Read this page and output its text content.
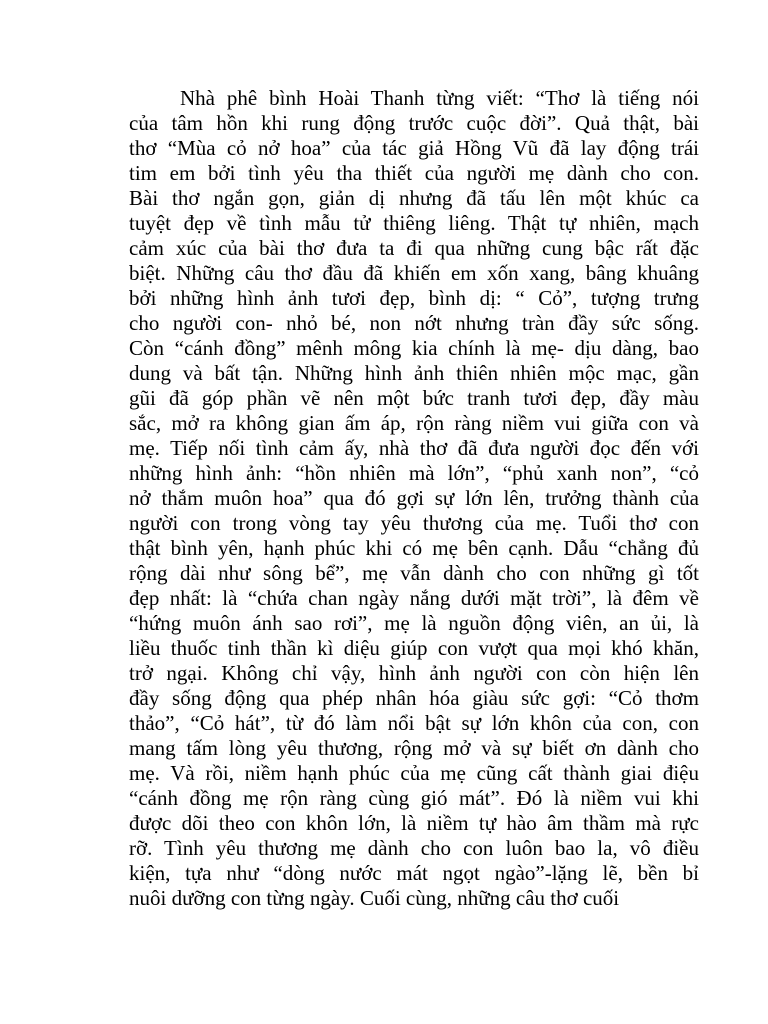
Nhà phê bình Hoài Thanh từng viết: “Thơ là tiếng nói
của tâm hồn khi rung động trước cuộc đời”. Quả thật, bài
thơ “Mùa cỏ nở hoa” của tác giả Hồng Vũ đã lay động trái
tim em bởi tình yêu tha thiết của người mẹ dành cho con.
Bài thơ ngắn gọn, giản dị nhưng đã tấu lên một khúc ca
tuyệt đẹp về tình mẫu tử thiêng liêng. Thật tự nhiên, mạch
cảm xúc của bài thơ đưa ta đi qua những cung bậc rất đặc
biệt. Những câu thơ đầu đã khiến em xốn xang, bâng khuâng
bởi những hình ảnh tươi đẹp, bình dị: “ Cỏ”, tượng trưng
cho người con- nhỏ bé, non nớt nhưng tràn đầy sức sống.
Còn “cánh đồng” mênh mông kia chính là mẹ- dịu dàng, bao
dung và bất tận. Những hình ảnh thiên nhiên mộc mạc, gần
gũi đã góp phần vẽ nên một bức tranh tươi đẹp, đầy màu
sắc, mở ra không gian ấm áp, rộn ràng niềm vui giữa con và
mẹ. Tiếp nối tình cảm ấy, nhà thơ đã đưa người đọc đến với
những hình ảnh: “hồn nhiên mà lớn”, “phủ xanh non”, “cỏ
nở thắm muôn hoa” qua đó gợi sự lớn lên, trưởng thành của
người con trong vòng tay yêu thương của mẹ. Tuổi thơ con
thật bình yên, hạnh phúc khi có mẹ bên cạnh. Dẫu “chẳng đủ
rộng dài như sông bể”, mẹ vẫn dành cho con những gì tốt
đẹp nhất: là “chứa chan ngày nắng dưới mặt trời”, là đêm về
“hứng muôn ánh sao rơi”, mẹ là nguồn động viên, an ủi, là
liều thuốc tinh thần kì diệu giúp con vượt qua mọi khó khăn,
trở ngại. Không chỉ vậy, hình ảnh người con còn hiện lên
đầy sống động qua phép nhân hóa giàu sức gợi: “Cỏ thơm
thảo”, “Cỏ hát”, từ đó làm nổi bật sự lớn khôn của con, con
mang tấm lòng yêu thương, rộng mở và sự biết ơn dành cho
mẹ. Và rồi, niềm hạnh phúc của mẹ cũng cất thành giai điệu
“cánh đồng mẹ rộn ràng cùng gió mát”. Đó là niềm vui khi
được dõi theo con khôn lớn, là niềm tự hào âm thầm mà rực
rỡ. Tình yêu thương mẹ dành cho con luôn bao la, vô điều
kiện, tựa như “dòng nước mát ngọt ngào”-lặng lẽ, bền bỉ
nuôi dưỡng con từng ngày. Cuối cùng, những câu thơ cuối
